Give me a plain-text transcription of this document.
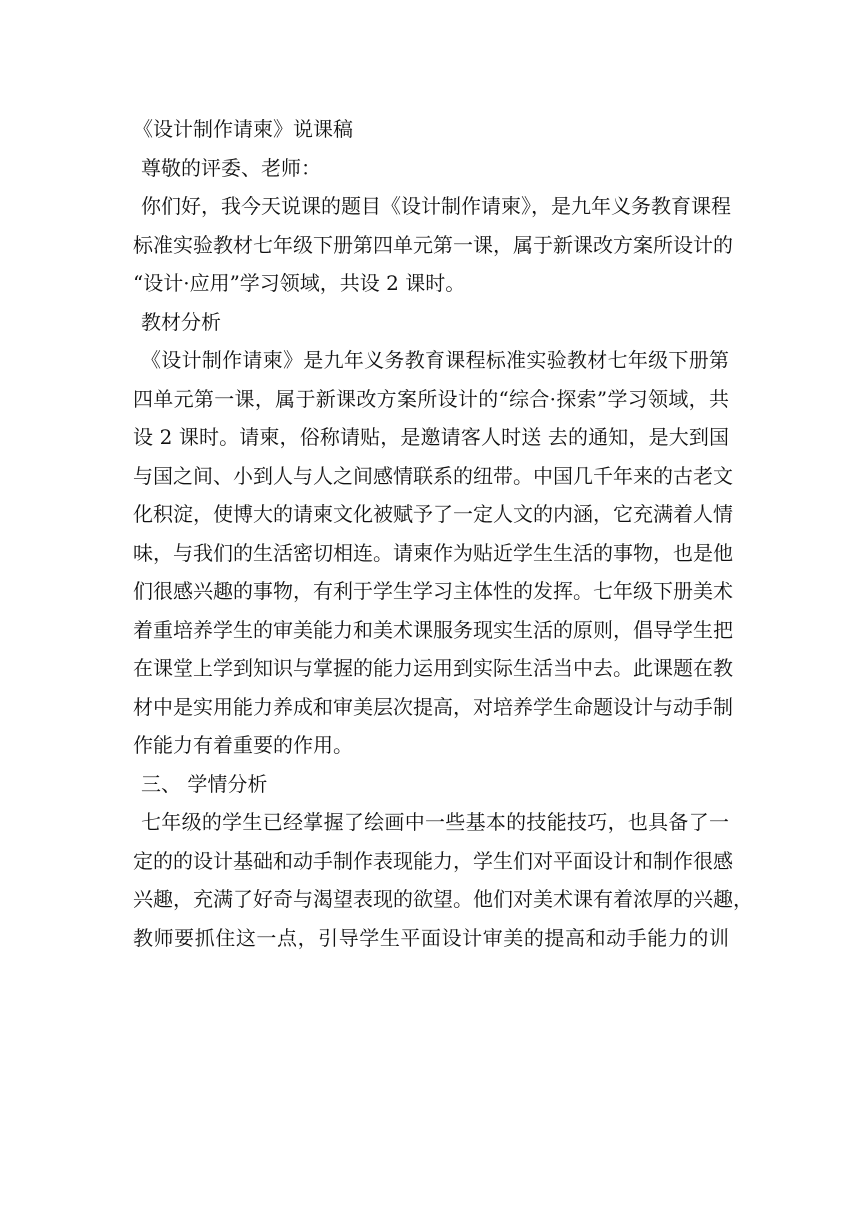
《设计制作请柬》说课稿
尊敬的评委、老师：
你们好，我今天说课的题目《设计制作请柬》，是九年义务教育课程
标准实验教材七年级下册第四单元第一课，属于新课改方案所设计的
“设计·应用”学习领域，共设 2 课时。
教材分析
《设计制作请柬》是九年义务教育课程标准实验教材七年级下册第
四单元第一课，属于新课改方案所设计的“综合·探索”学习领域，共
设 2 课时。请柬，俗称请贴，是邀请客人时送 去的通知，是大到国
与国之间、小到人与人之间感情联系的纽带。中国几千年来的古老文
化积淀，使博大的请柬文化被赋予了一定人文的内涵，它充满着人情
味，与我们的生活密切相连。请柬作为贴近学生生活的事物，也是他
们很感兴趣的事物，有利于学生学习主体性的发挥。七年级下册美术
着重培养学生的审美能力和美术课服务现实生活的原则，倡导学生把
在课堂上学到知识与掌握的能力运用到实际生活当中去。此课题在教
材中是实用能力养成和审美层次提高，对培养学生命题设计与动手制
作能力有着重要的作用。
三、 学情分析
七年级的学生已经掌握了绘画中一些基本的技能技巧，也具备了一
定的的设计基础和动手制作表现能力，学生们对平面设计和制作很感
兴趣，充满了好奇与渴望表现的欲望。他们对美术课有着浓厚的兴趣，
教师要抓住这一点，引导学生平面设计审美的提高和动手能力的训
